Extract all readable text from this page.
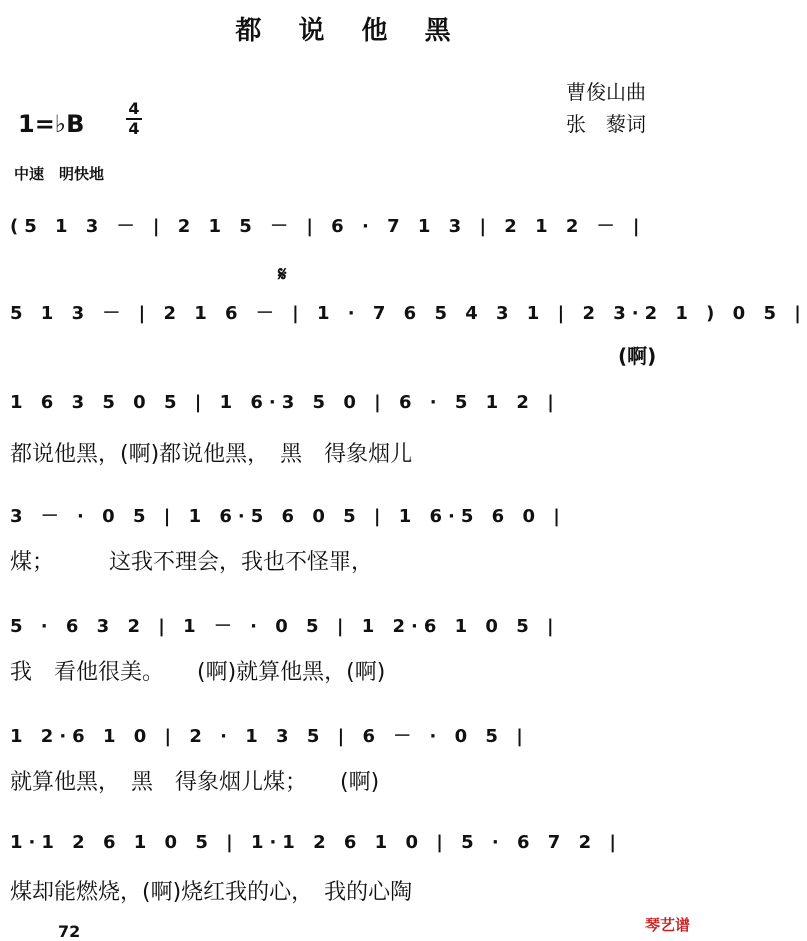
都 说 他 黑
曹俊山曲
张　藜词
1=♭B
4
4
中速　明快地
𝄋
(5 1 3 － | 2 1 5 － | 6 · 7 1 3 | 2 1 2 － |
5 1 3 － | 2 1 6 － | 1 · 7 6 5 4 3 1 | 2 3·2 1 ) 0 5 |
(啊)
1 6 3 5 0 5 | 1 6·3 5 0 | 6 · 5 1 2 |
都说他黑，(啊)都说他黑，　黑　得象烟儿
3 － · 0 5 | 1 6·5 6 0 5 | 1 6·5 6 0 |
煤；　　　这我不理会，我也不怪罪，
5 · 6 3 2 | 1 － · 0 5 | 1 2·6 1 0 5 |
我　看他很美。　　(啊)就算他黑，(啊)
1 2·6 1 0 | 2 · 1 3 5 | 6 － · 0 5 |
就算他黑，　黑　得象烟儿煤；　　(啊)
1·1 2 6 1 0 5 | 1·1 2 6 1 0 | 5 · 6 7 2 |
煤却能燃烧，(啊)烧红我的心，　我的心陶
72	琴艺谱
